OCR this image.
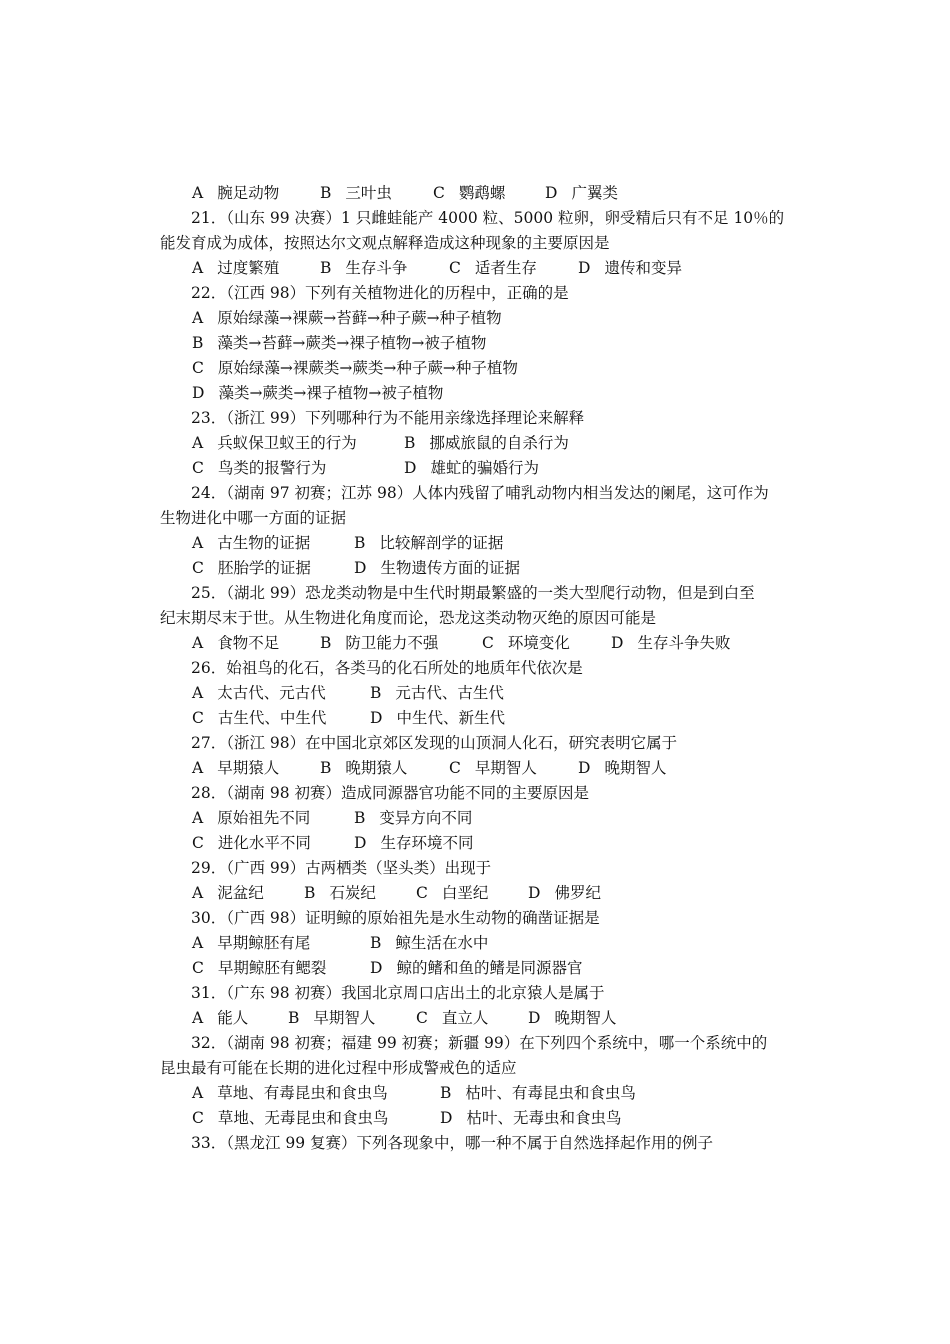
A 腕足动物	B 三叶虫	C 鹦鹉螺	D 广翼类
21．（山东 99 决赛）1 只雌蛙能产 4000 粒、5000 粒卵，卵受精后只有不足 10％的
能发育成为成体，按照达尔文观点解释造成这种现象的主要原因是
A 过度繁殖	B 生存斗争	C 适者生存	D 遗传和变异
22．（江西 98）下列有关植物进化的历程中，正确的是
A 原始绿藻→裸蕨→苔藓→种子蕨→种子植物
B 藻类→苔藓→蕨类→裸子植物→被子植物
C 原始绿藻→裸蕨类→蕨类→种子蕨→种子植物
D 藻类→蕨类→裸子植物→被子植物
23．（浙江 99）下列哪种行为不能用亲缘选择理论来解释
A 兵蚁保卫蚁王的行为	B 挪威旅鼠的自杀行为
C 鸟类的报警行为	D 雄虻的骗婚行为
24．（湖南 97 初赛；江苏 98）人体内残留了哺乳动物内相当发达的阑尾，这可作为
生物进化中哪一方面的证据
A 古生物的证据	B 比较解剖学的证据
C 胚胎学的证据	D 生物遗传方面的证据
25．（湖北 99）恐龙类动物是中生代时期最繁盛的一类大型爬行动物，但是到白至
纪末期尽末于世。从生物进化角度而论，恐龙这类动物灭绝的原因可能是
A 食物不足	B 防卫能力不强	C 环境变化	D 生存斗争失败
26．始祖鸟的化石，各类马的化石所处的地质年代依次是
A 太古代、元古代	B 元古代、古生代
C 古生代、中生代	D 中生代、新生代
27．（浙江 98）在中国北京郊区发现的山顶洞人化石，研究表明它属于
A 早期猿人	B 晚期猿人	C 早期智人	D 晚期智人
28．（湖南 98 初赛）造成同源器官功能不同的主要原因是
A 原始祖先不同	B 变异方向不同
C 进化水平不同	D 生存环境不同
29．（广西 99）古两栖类（坚头类）出现于
A 泥盆纪	B 石炭纪	C 白垩纪	D 佛罗纪
30．（广西 98）证明鲸的原始祖先是水生动物的确凿证据是
A 早期鲸胚有尾	B 鲸生活在水中
C 早期鲸胚有鳃裂	D 鲸的鳍和鱼的鳍是同源器官
31．（广东 98 初赛）我国北京周口店出土的北京猿人是属于
A 能人	B 早期智人	C 直立人	D 晚期智人
32．（湖南 98 初赛；福建 99 初赛；新疆 99）在下列四个系统中，哪一个系统中的
昆虫最有可能在长期的进化过程中形成警戒色的适应
A 草地、有毒昆虫和食虫鸟	B 枯叶、有毒昆虫和食虫鸟
C 草地、无毒昆虫和食虫鸟	D 枯叶、无毒虫和食虫鸟
33．（黑龙江 99 复赛）下列各现象中，哪一种不属于自然选择起作用的例子
